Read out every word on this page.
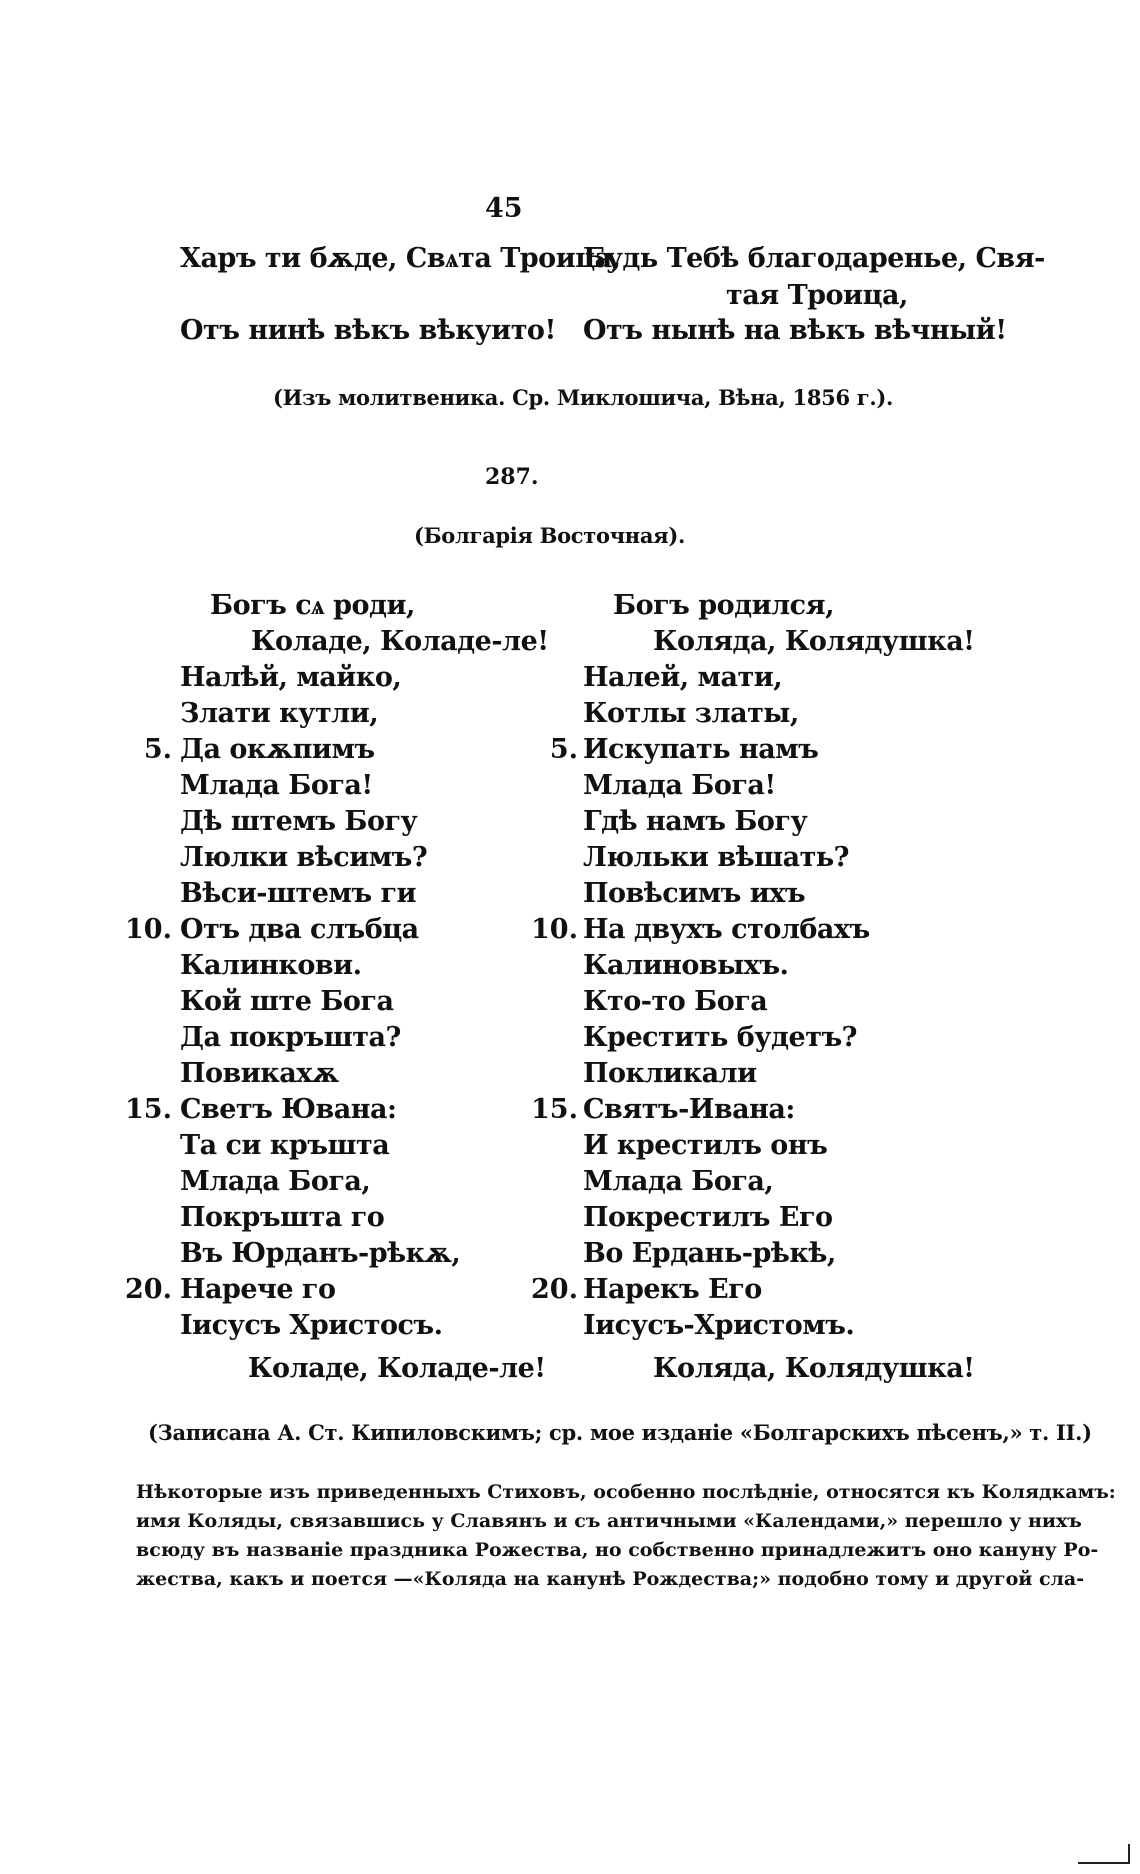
45
Харъ ти бѫде, Свѧта Троица,
Отъ нинѣ вѣкъ вѣкуито!
Будь Тебѣ благодаренье, Свя-
тая Троица,
Отъ нынѣ на вѣкъ вѣчный!
(Изъ молитвеника. Ср. Миклошича, Вѣна, 1856 г.).
287.
(Болгарія Восточная).
Богъ сѧ роди,
Коладе, Коладе-ле!
Налѣй, майко,
Злати кутли,
Да окѫпимъ
Млада Бога!
Дѣ штемъ Богу
Люлки вѣсимъ?
Вѣси-штемъ ги
Отъ два слъбца
Калинкови.
Кой ште Бога
Да покръшта?
Повикахѫ
Светъ Ювана:
Та си кръшта
Млада Бога,
Покръшта го
Въ Юрданъ-рѣкѫ,
Нарече го
Іисусъ Христосъ.
Коладе, Коладе-ле!
5.
10.
15.
20.
Богъ родился,
Коляда, Колядушка!
Налей, мати,
Котлы златы,
Искупать намъ
Млада Бога!
Гдѣ намъ Богу
Люльки вѣшать?
Повѣсимъ ихъ
На двухъ столбахъ
Калиновыхъ.
Кто-то Бога
Крестить будетъ?
Покликали
Святъ-Ивана:
И крестилъ онъ
Млада Бога,
Покрестилъ Его
Во Ердань-рѣкѣ,
Нарекъ Его
Іисусъ-Христомъ.
Коляда, Колядушка!
5.
10.
15.
20.
(Записана А. Ст. Кипиловскимъ; ср. мое изданіе «Болгарскихъ пѣсенъ,» т. II.)
Нѣкоторые изъ приведенныхъ Стиховъ, особенно послѣдніе, относятся къ Колядкамъ:
имя Коляды, связавшись у Славянъ и съ античными «Календами,» перешло у нихъ
всюду въ названіе праздника Рожества, но собственно принадлежитъ оно кануну Ро-
жества, какъ и поется —«Коляда на канунѣ Рождества;» подобно тому и другой сла-
